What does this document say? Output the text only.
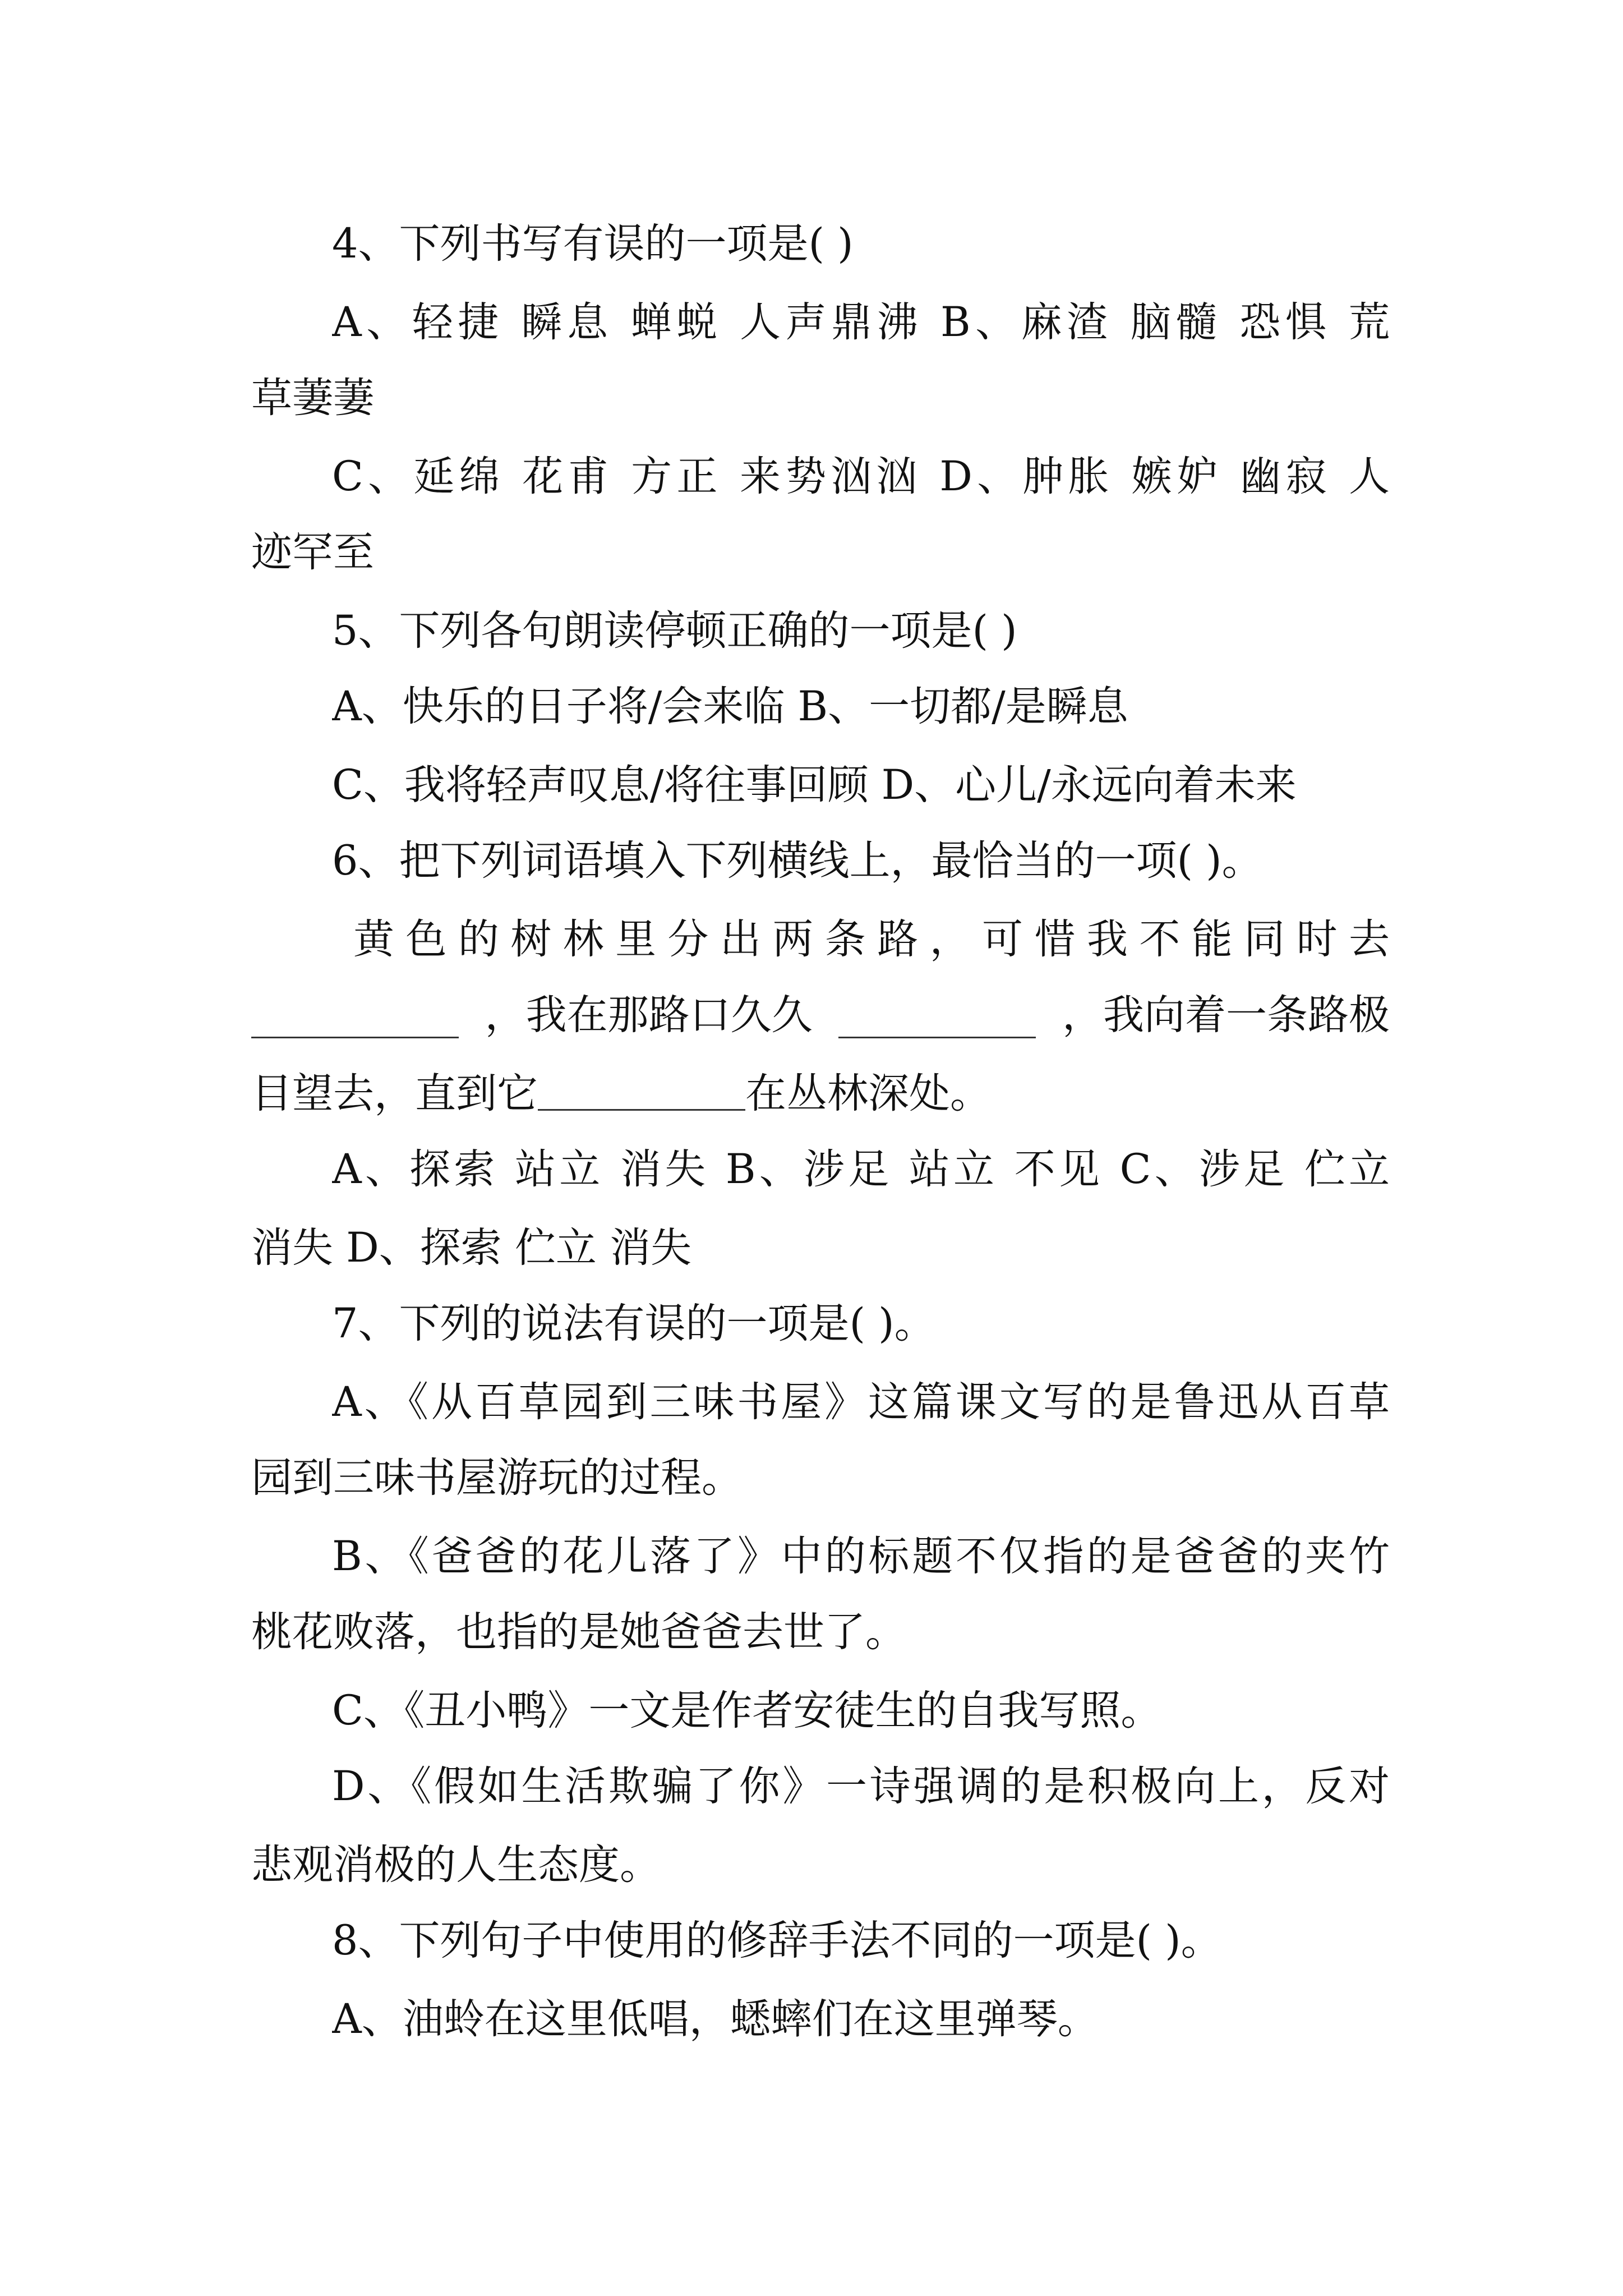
4、下列书写有误的一项是( )
A、轻捷 瞬息 蝉蜕 人声鼎沸 B、麻渣 脑髓 恐惧 荒
草萋萋
C、延绵 花甫 方正 来势汹汹 D、肿胀 嫉妒 幽寂 人
迹罕至
5、下列各句朗读停顿正确的一项是( )
A、快乐的日子将/会来临 B、一切都/是瞬息
C、我将轻声叹息/将往事回顾 D、心儿/永远向着未来
6、把下列词语填入下列横线上，最恰当的一项( )。
黄色的树林里分出两条路，可惜我不能同时去
，我在那路口久久	，我向着一条路极
目望去，直到它	在丛林深处。
A、探索 站立 消失 B、涉足 站立 不见 C、涉足 伫立
消失 D、探索 伫立 消失
7、下列的说法有误的一项是( )。
A、《从百草园到三味书屋》这篇课文写的是鲁迅从百草
园到三味书屋游玩的过程。
B、《爸爸的花儿落了》中的标题不仅指的是爸爸的夹竹
桃花败落，也指的是她爸爸去世了。
C、《丑小鸭》一文是作者安徒生的自我写照。
D、《假如生活欺骗了你》一诗强调的是积极向上，反对
悲观消极的人生态度。
8、下列句子中使用的修辞手法不同的一项是( )。
A、油蛉在这里低唱，蟋蟀们在这里弹琴。
